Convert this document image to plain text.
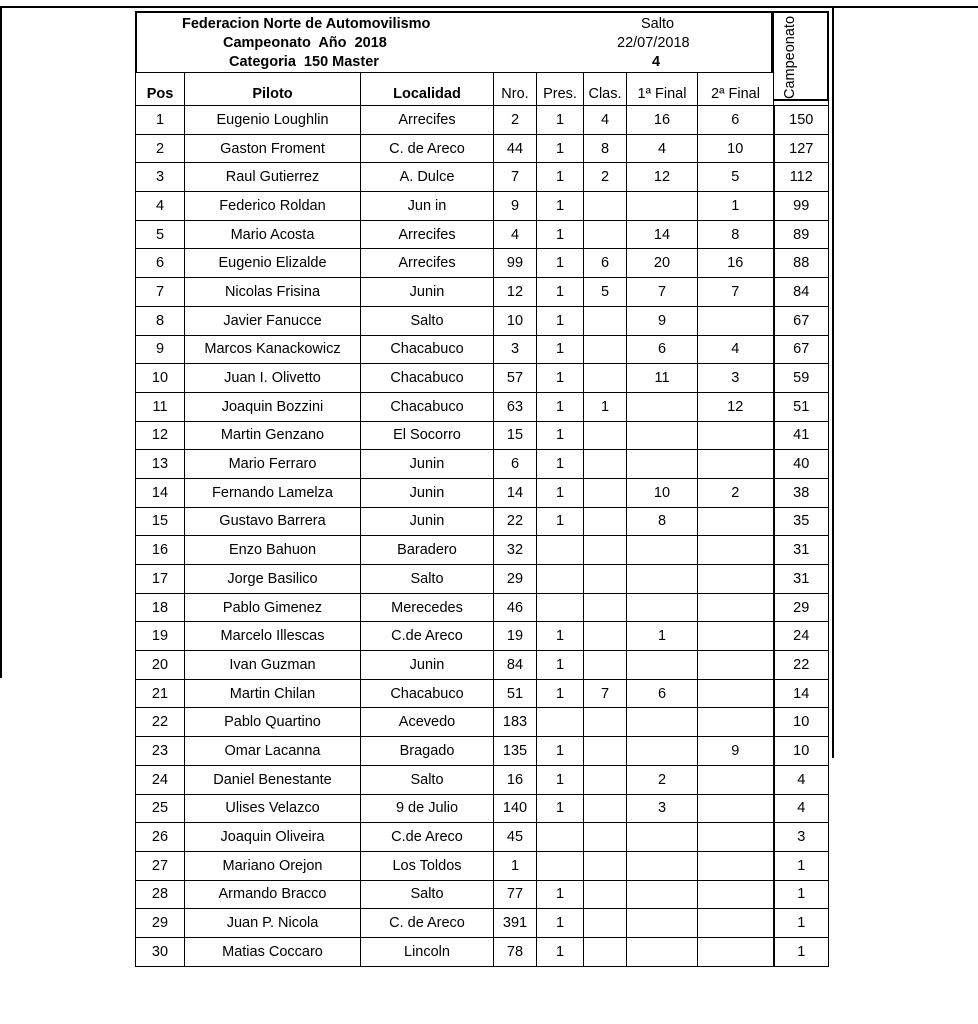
Federacion Norte de Automovilismo
Campeonato  Año  2018
Categoria  150 Master
Salto
22/07/2018
4	Campeonato
Pos	Piloto	Localidad	Nro.	Pres.	Clas.	1ª Final	2ª Final	
1	Eugenio Loughlin	Arrecifes	2	1	4	16	6	150
2	Gaston Froment	C. de Areco	44	1	8	4	10	127
3	Raul Gutierrez	A. Dulce	7	1	2	12	5	112
4	Federico Roldan	Jun in	9	1			1	99
5	Mario Acosta	Arrecifes	4	1		14	8	89
6	Eugenio Elizalde	Arrecifes	99	1	6	20	16	88
7	Nicolas Frisina	Junin	12	1	5	7	7	84
8	Javier Fanucce	Salto	10	1		9		67
9	Marcos Kanackowicz	Chacabuco	3	1		6	4	67
10	Juan I. Olivetto	Chacabuco	57	1		11	3	59
11	Joaquin Bozzini	Chacabuco	63	1	1		12	51
12	Martin Genzano	El Socorro	15	1				41
13	Mario Ferraro	Junin	6	1				40
14	Fernando Lamelza	Junin	14	1		10	2	38
15	Gustavo Barrera	Junin	22	1		8		35
16	Enzo Bahuon	Baradero	32					31
17	Jorge Basilico	Salto	29					31
18	Pablo Gimenez	Merecedes	46					29
19	Marcelo Illescas	C.de Areco	19	1		1		24
20	Ivan Guzman	Junin	84	1				22
21	Martin Chilan	Chacabuco	51	1	7	6		14
22	Pablo Quartino	Acevedo	183					10
23	Omar Lacanna	Bragado	135	1			9	10
24	Daniel Benestante	Salto	16	1		2		4
25	Ulises Velazco	9 de Julio	140	1		3		4
26	Joaquin Oliveira	C.de Areco	45					3
27	Mariano Orejon	Los Toldos	1					1
28	Armando Bracco	Salto	77	1				1
29	Juan P. Nicola	C. de Areco	391	1				1
30	Matias Coccaro	Lincoln	78	1				1
